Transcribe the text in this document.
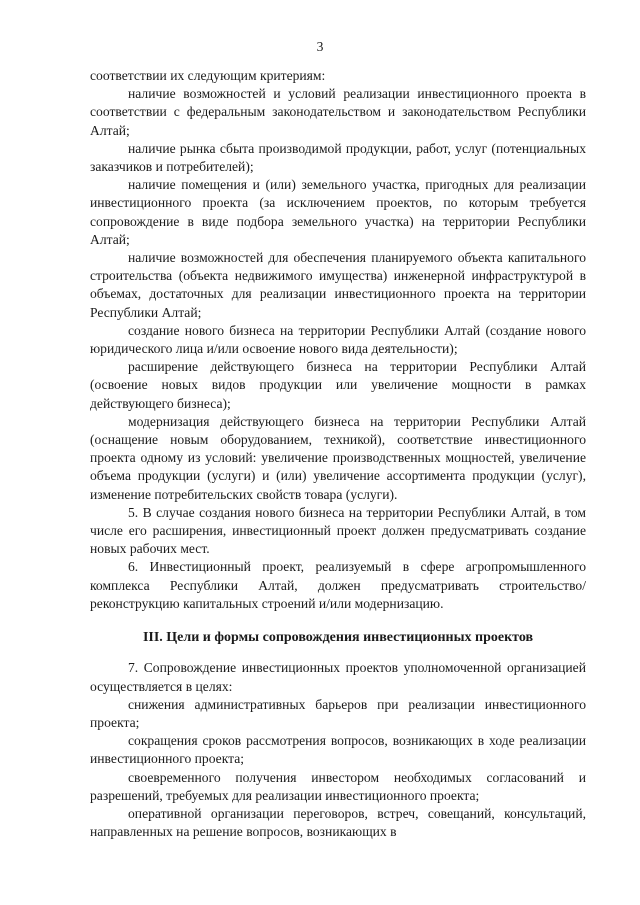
3

соответствии их следующим критериям:

наличие возможностей и условий реализации инвестиционного проекта в соответствии с федеральным законодательством и законодательством Республики Алтай;

наличие рынка сбыта производимой продукции, работ, услуг (потенциальных заказчиков и потребителей);

наличие помещения и (или) земельного участка, пригодных для реализации инвестиционного проекта (за исключением проектов, по которым требуется сопровождение в виде подбора земельного участка) на территории Республики Алтай;

наличие возможностей для обеспечения планируемого объекта капитального строительства (объекта недвижимого имущества) инженерной инфраструктурой в объемах, достаточных для реализации инвестиционного проекта на территории Республики Алтай;

создание нового бизнеса на территории Республики Алтай (создание нового юридического лица и/или освоение нового вида деятельности);

расширение действующего бизнеса на территории Республики Алтай (освоение новых видов продукции или увеличение мощности в рамках действующего бизнеса);

модернизация действующего бизнеса на территории Республики Алтай (оснащение новым оборудованием, техникой), соответствие инвестиционного проекта одному из условий: увеличение производственных мощностей, увеличение объема продукции (услуги) и (или) увеличение ассортимента продукции (услуг), изменение потребительских свойств товара (услуги).

5. В случае создания нового бизнеса на территории Республики Алтай, в том числе его расширения, инвестиционный проект должен предусматривать создание новых рабочих мест.

6. Инвестиционный проект, реализуемый в сфере агропромышленного комплекса Республики Алтай, должен предусматривать строительство/реконструкцию капитальных строений и/или модернизацию.

III. Цели и формы сопровождения инвестиционных проектов

7. Сопровождение инвестиционных проектов уполномоченной организацией осуществляется в целях:

снижения административных барьеров при реализации инвестиционного проекта;

сокращения сроков рассмотрения вопросов, возникающих в ходе реализации инвестиционного проекта;

своевременного получения инвестором необходимых согласований и разрешений, требуемых для реализации инвестиционного проекта;

оперативной организации переговоров, встреч, совещаний, консультаций, направленных на решение вопросов, возникающих в
